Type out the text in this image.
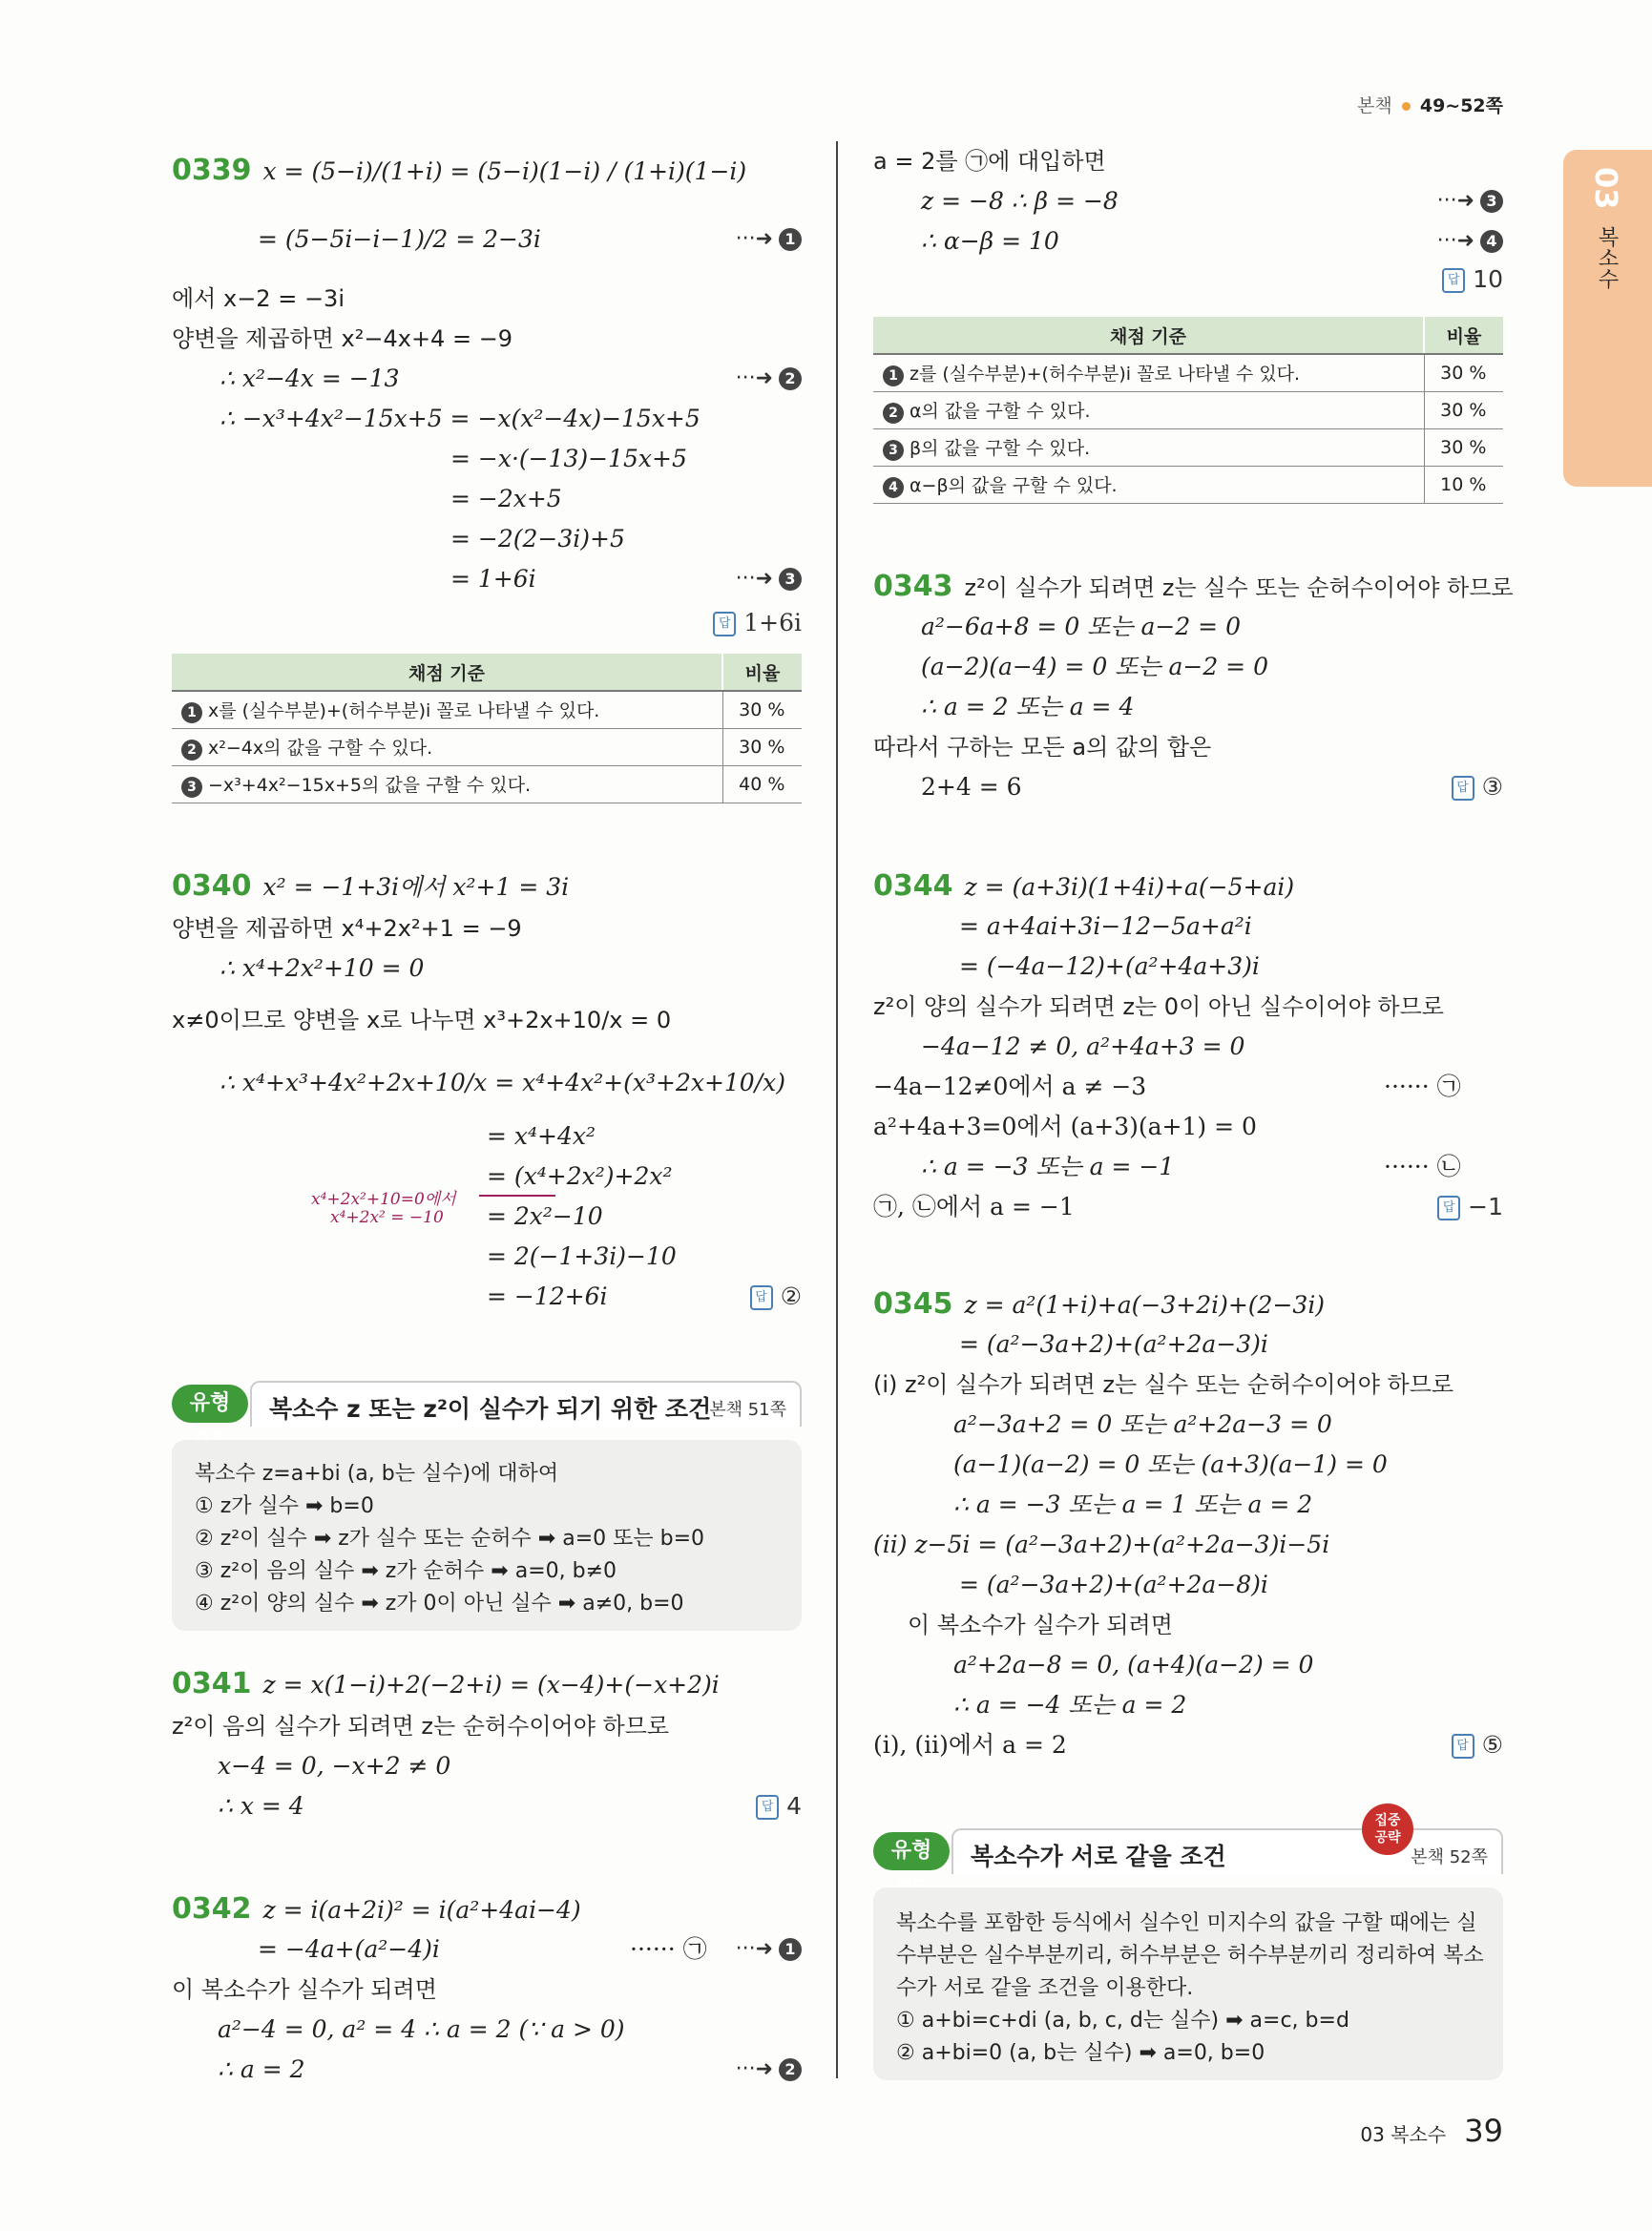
본책 49~52쪽
03
복소수
0339 x = (5−i)/(1+i) = (5−i)(1−i) / (1+i)(1−i)
= (5−5i−i−1)/2 = 2−3i	···➜ 1
에서 x−2 = −3i
양변을 제곱하면 x²−4x+4 = −9
∴ x²−4x = −13	···➜ 2
∴ −x³+4x²−15x+5 = −x(x²−4x)−15x+5
= −x·(−13)−15x+5
= −2x+5
= −2(2−3i)+5
= 1+6i	···➜ 3
답 1+6i
채점 기준	비율
1 x를 (실수부분)+(허수부분)i 꼴로 나타낼 수 있다.	30 %
2 x²−4x의 값을 구할 수 있다.	30 %
3 −x³+4x²−15x+5의 값을 구할 수 있다.	40 %
0340 x² = −1+3i에서 x²+1 = 3i
양변을 제곱하면 x⁴+2x²+1 = −9
∴ x⁴+2x²+10 = 0
x≠0이므로 양변을 x로 나누면 x³+2x+10/x = 0
∴ x⁴+x³+4x²+2x+10/x = x⁴+4x²+(x³+2x+10/x)
= x⁴+4x²
= (x⁴+2x²)+2x²
x⁴+2x²+10=0에서
x⁴+2x² = −10 = 2x²−10
= 2(−1+3i)−10
= −12+6i	답 ②
유형	복소수 z 또는 z²이 실수가 되기 위한 조건
본책 51쪽
복소수 z=a+bi (a, b는 실수)에 대하여
① z가 실수 ➡ b=0
② z²이 실수 ➡ z가 실수 또는 순허수 ➡ a=0 또는 b=0
③ z²이 음의 실수 ➡ z가 순허수 ➡ a=0, b≠0
④ z²이 양의 실수 ➡ z가 0이 아닌 실수 ➡ a≠0, b=0
0341 z = x(1−i)+2(−2+i) = (x−4)+(−x+2)i
z²이 음의 실수가 되려면 z는 순허수이어야 하므로
x−4 = 0, −x+2 ≠ 0
∴ x = 4	답 4
0342 z = i(a+2i)² = i(a²+4ai−4)
= −4a+(a²−4)i	······ ㉠ ···➜ 1
이 복소수가 실수가 되려면
a²−4 = 0, a² = 4 ∴ a = 2 (∵ a > 0)
∴ a = 2	···➜ 2
a = 2를 ㉠에 대입하면
z = −8 ∴ β = −8	···➜ 3
∴ α−β = 10	···➜ 4
답 10
채점 기준	비율
1 z를 (실수부분)+(허수부분)i 꼴로 나타낼 수 있다.	30 %
2 α의 값을 구할 수 있다.	30 %
3 β의 값을 구할 수 있다.	30 %
4 α−β의 값을 구할 수 있다.	10 %
0343 z²이 실수가 되려면 z는 실수 또는 순허수이어야 하므로
a²−6a+8 = 0 또는 a−2 = 0
(a−2)(a−4) = 0 또는 a−2 = 0
∴ a = 2 또는 a = 4
따라서 구하는 모든 a의 값의 합은
2+4 = 6	답 ③
0344 z = (a+3i)(1+4i)+a(−5+ai)
= a+4ai+3i−12−5a+a²i
= (−4a−12)+(a²+4a+3)i
z²이 양의 실수가 되려면 z는 0이 아닌 실수이어야 하므로
−4a−12 ≠ 0, a²+4a+3 = 0
−4a−12≠0에서 a ≠ −3	······ ㉠
a²+4a+3=0에서 (a+3)(a+1) = 0
∴ a = −3 또는 a = −1	······ ㉡
㉠, ㉡에서 a = −1	답 −1
0345 z = a²(1+i)+a(−3+2i)+(2−3i)
= (a²−3a+2)+(a²+2a−3)i
(i) z²이 실수가 되려면 z는 실수 또는 순허수이어야 하므로
a²−3a+2 = 0 또는 a²+2a−3 = 0
(a−1)(a−2) = 0 또는 (a+3)(a−1) = 0
∴ a = −3 또는 a = 1 또는 a = 2
(ii) z−5i = (a²−3a+2)+(a²+2a−3)i−5i
= (a²−3a+2)+(a²+2a−8)i
이 복소수가 실수가 되려면
a²+2a−8 = 0, (a+4)(a−2) = 0
∴ a = −4 또는 a = 2
(i), (ii)에서 a = 2	답 ⑤
유형	복소수가 서로 같을 조건
집중 공략
본책 52쪽
복소수를 포함한 등식에서 실수인 미지수의 값을 구할 때에는 실
수부분은 실수부분끼리, 허수부분은 허수부분끼리 정리하여 복소
수가 서로 같을 조건을 이용한다.
① a+bi=c+di (a, b, c, d는 실수) ➡ a=c, b=d
② a+bi=0 (a, b는 실수) ➡ a=0, b=0
03 복소수 39
